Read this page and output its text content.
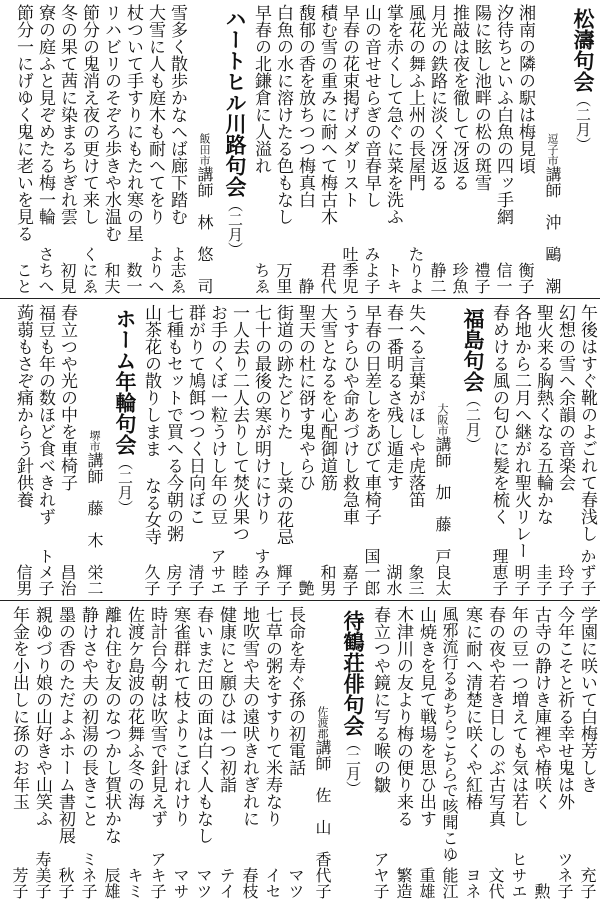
松濤句会
（二月）
逗子市
講師　沖　鷗　潮
湘南の隣の駅は梅見頃
衡子
汐待ちといふ白魚の四ッ手網
信一
陽に眩し池畔の松の斑雪
禮子
推敲は夜を徹して冴返る
珍魚
月光の鉄路に淡く冴返る
静二
風花の舞ふ上州の長屋門
たりよ
掌を赤くして急ぐに菜を洗ふ
トキ
山の音せせらぎの音春早し
みよ子
早春の花束掲げメダリスト
吐季児
積む雪の重みに耐へて梅古木
君代
馥郁の香を放ちつつ梅真白
静
白魚の水に溶けたる色もなし
万里
早春の北鎌倉に人溢れ
ちゑ
ハートヒル川路句会
（二月）
飯田市
講師　林　悠　司
雪多く散歩かなへば廊下踏む
よ志ゑ
大雪に人も庭木も耐へてをり
よりへ
杖ついて手すりにもたれ寒の星
数一
リハビリのそぞろ歩きや水温む
和夫
節分の鬼消え夜の更けて来し
くにゑ
冬の果て茜に染まるちぎれ雲
初見
寮の庭ふと見ぞめたる梅一輪
さちへ
節分一にげゆく鬼に老いを見る
こと
午後はすぐ靴のよごれて春浅し
かず子
幻想の雪へ余韻の音楽会
玲子
聖火来る胸熱くなる五輪かな
圭子
各地から二月へ継がれ聖火リレー
明子
春めける風の匂ひに髪を梳く
理恵子
福島句会
（二月）
大阪市
講師　加　藤　戸良太
失へる言葉がほしや虎落笛
象三
春一番明るさ残し遁走す
湖水
早春の日差しをあびて車椅子
国一郎
うすらひや命あづけし救急車
嘉子
大雪となるを心配御道筋
和男
聖天の杜に谺す鬼やらひ
艶
街道の跡たどりた し菜の花忌
輝子
七十の最後の寒が明けにけり
すみ子
一人去り二人去りして焚火果つ
睦子
お手のくぼ一粒うけし年の豆
アサエ
群がりて鳩餌つつく日向ぼこ
清子
七種もセットで買へる今朝の粥
房子
山茶花の散りしまま なる女寺
久子
ホーム年輪句会
（二月）
堺市
講師　藤　木　栄二
春立つや光の中を車椅子
昌治
福豆も年の数ほど食べきれず
トメ子
蒟蒻もさぞ痛からう針供養
信男
学園に咲いて白梅芳しき
充子
今年こそと祈る幸せ鬼は外
ツネ子
古寺の静けき庫裡や椿咲く
勲
年の豆一つ増えても気は若し
ヒサエ
春の夜や若き日しのぶ古写真
文代
寒に耐へ清楚に咲くや紅椿
ヨネ
風邪流行るあちらこちらで咳聞こゆ
能江
山焼きを見て戦場を思ひ出す
重雄
木津川の友より梅の便り来る
繁造
春立つや鏡に写る喉の皺
アヤ子
待鶴荘俳句会
（二月）
佐渡郡
講師　佐　山　香代子
長命を寿ぐ孫の初電話
マツ
七草の粥をすすりて米寿なり
イセ
地吹雪や夫の遠吠きれぎれに
春枝
健康にと願ひは一つ初詣
テイ
春いまだ田の面は白く人もなし
マツ
寒雀群れて枝よりこぼれけり
マサ
時計台今朝は吹雪で針見えず
アキ子
佐渡ケ島波の花舞ふ冬の海
キミ
離れ住む友のなつかし賀状かな
辰雄
静けさや夫の初湯の長きこと
ミネ子
墨の香のただよふホーム書初展
秋子
親ゆづり娘の山好きや山笑ふ
寿美子
年金を小出しに孫のお年玉
芳子
